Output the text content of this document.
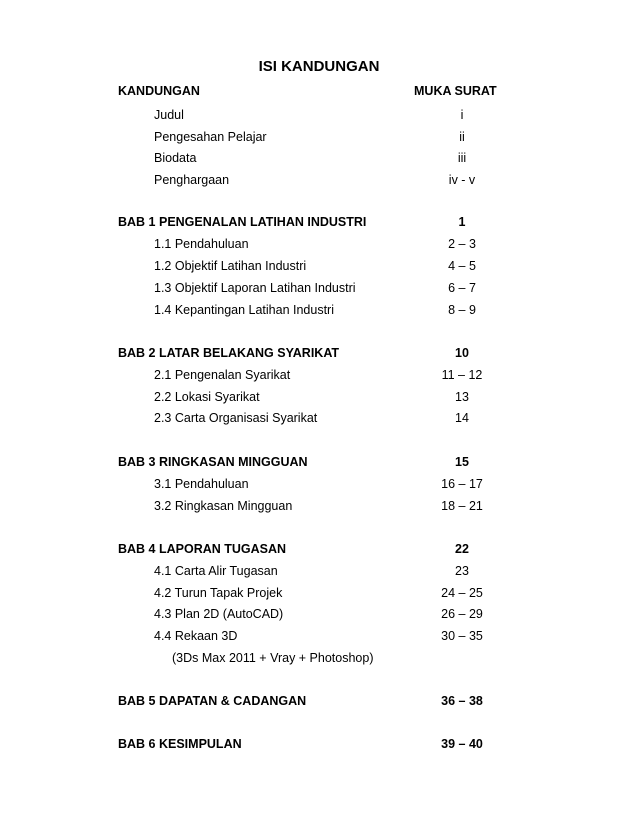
ISI KANDUNGAN
KANDUNGAN	MUKA SURAT
Judul	i
Pengesahan Pelajar	ii
Biodata	iii
Penghargaan	iv - v
BAB 1 PENGENALAN LATIHAN INDUSTRI	1
1.1 Pendahuluan	2 – 3
1.2 Objektif Latihan Industri	4 – 5
1.3 Objektif Laporan Latihan Industri	6 – 7
1.4 Kepantingan Latihan Industri	8 – 9
BAB 2 LATAR BELAKANG SYARIKAT	10
2.1 Pengenalan Syarikat	11 – 12
2.2 Lokasi Syarikat	13
2.3 Carta Organisasi Syarikat	14
BAB 3 RINGKASAN MINGGUAN	15
3.1 Pendahuluan	16 – 17
3.2 Ringkasan Mingguan	18 – 21
BAB 4 LAPORAN TUGASAN	22
4.1 Carta Alir Tugasan	23
4.2 Turun Tapak Projek	24 – 25
4.3 Plan 2D (AutoCAD)	26 – 29
4.4 Rekaan 3D	30 – 35
(3Ds Max 2011 + Vray + Photoshop)
BAB 5 DAPATAN & CADANGAN	36 – 38
BAB 6 KESIMPULAN	39 – 40
